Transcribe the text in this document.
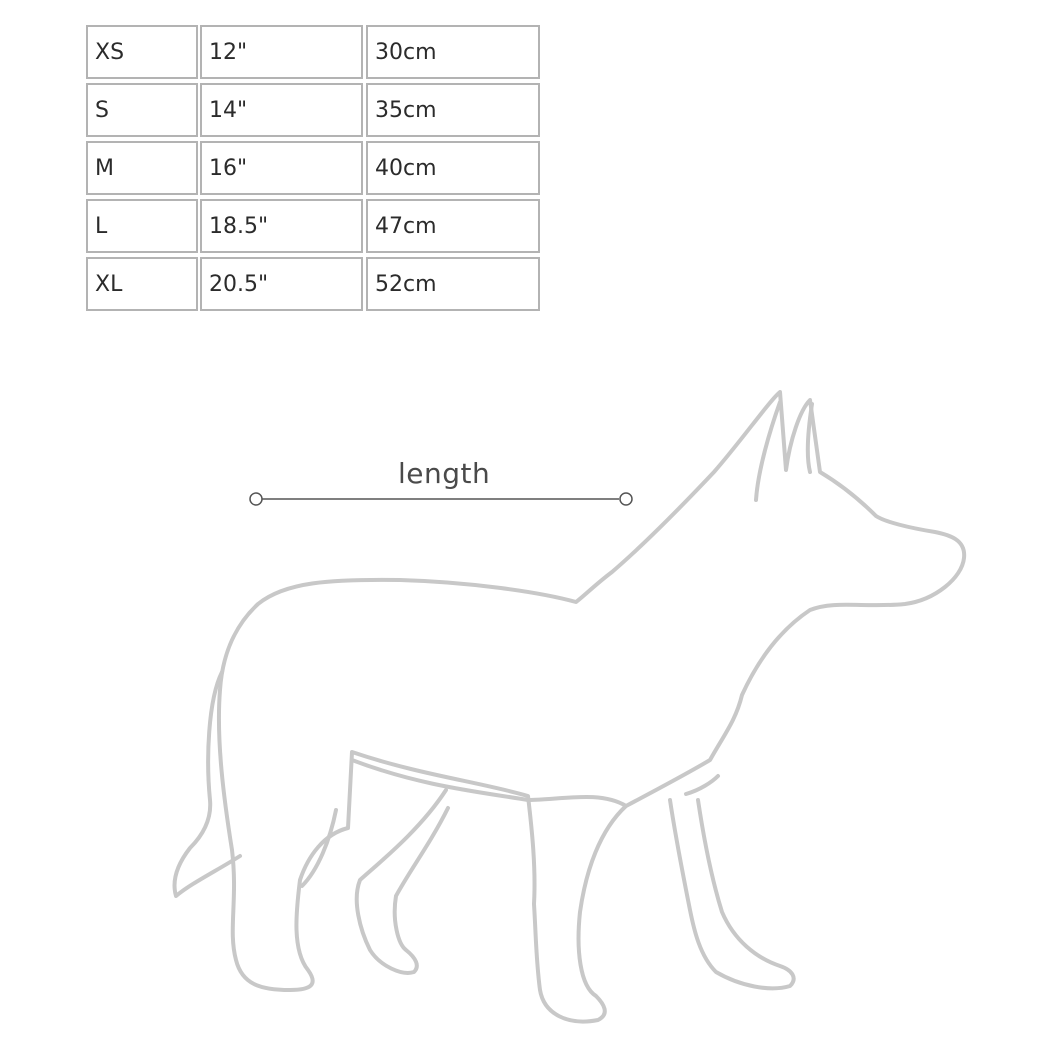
XS	12"	30cm
S	14"	35cm
M	16"	40cm
L	18.5"	47cm
XL	20.5"	52cm
length
